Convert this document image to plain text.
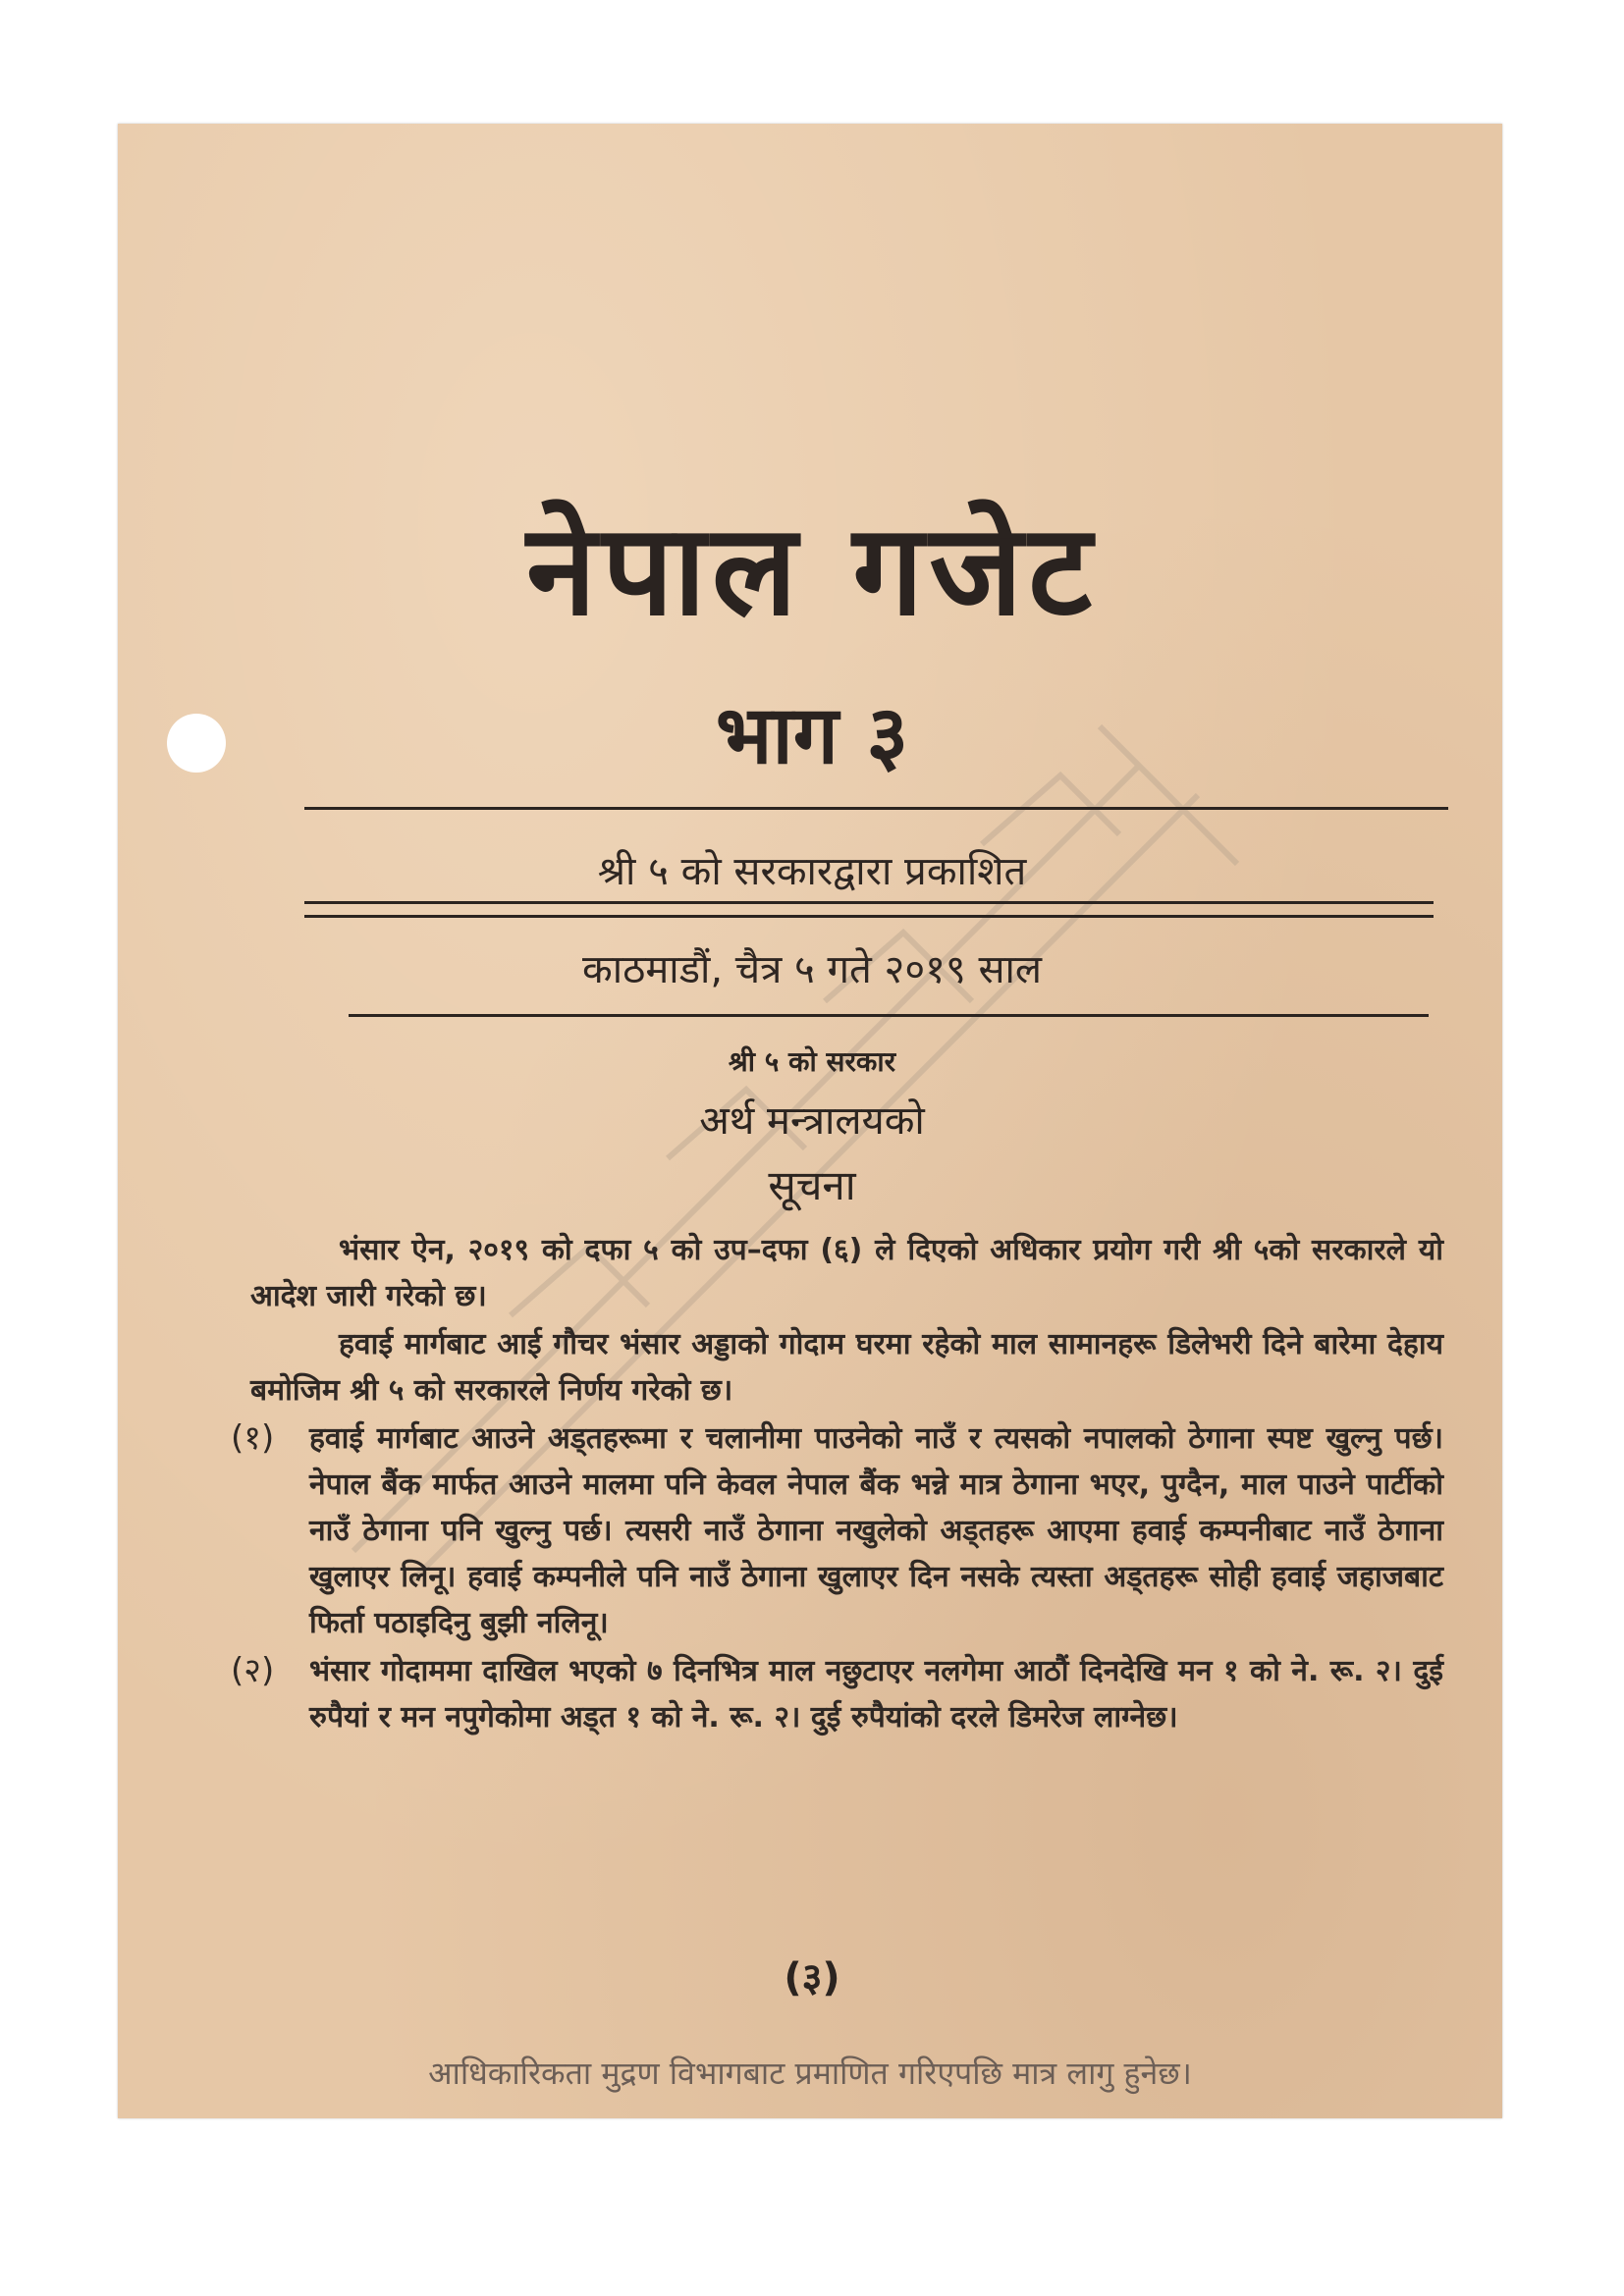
नेपाल गजेट
भाग ३
श्री ५ को सरकारद्वारा प्रकाशित
काठमाडौं, चैत्र ५ गते २०१९ साल
श्री ५ को सरकार
अर्थ मन्त्रालयको
सूचना

भंसार ऐन, २०१९ को दफा ५ को उप–दफा (६) ले दिएको अधिकार प्रयोग गरी श्री ५को सरकारले यो आदेश जारी गरेको छ।

हवाई मार्गबाट आई गौचर भंसार अड्डाको गोदाम घरमा रहेको माल सामानहरू डिलेभरी दिने बारेमा देहाय बमोजिम श्री ५ को सरकारले निर्णय गरेको छ।

(१)	हवाई मार्गबाट आउने अड्‌तहरूमा र चलानीमा पाउनेको नाउँ र त्यसको नपालको ठेगाना स्पष्ट खुल्नु पर्छ। नेपाल बैंक मार्फत आउने मालमा पनि केवल नेपाल बैंक भन्ने मात्र ठेगाना भएर, पुग्दैन, माल पाउने पार्टीको नाउँ ठेगाना पनि खुल्नु पर्छ। त्यसरी नाउँ ठेगाना नखुलेको अड्‌तहरू आएमा हवाई कम्पनीबाट नाउँ ठेगाना खुलाएर लिनू। हवाई कम्पनीले पनि नाउँ ठेगाना खुलाएर दिन नसके त्यस्ता अड्‌तहरू सोही हवाई जहाजबाट फिर्ता पठाइदिनु बुझी नलिनू।
(२)	भंसार गोदाममा दाखिल भएको ७ दिनभित्र माल नछुटाएर नलगेमा आठौं दिनदेखि मन १ को ने. रू. २। दुई रुपैयां र मन नपुगेकोमा अड्‌त १ को ने. रू. २। दुई रुपैयांको दरले डिमरेज लाग्नेछ।
(३)
आधिकारिकता मुद्रण विभागबाट प्रमाणित गरिएपछि मात्र लागु हुनेछ।
